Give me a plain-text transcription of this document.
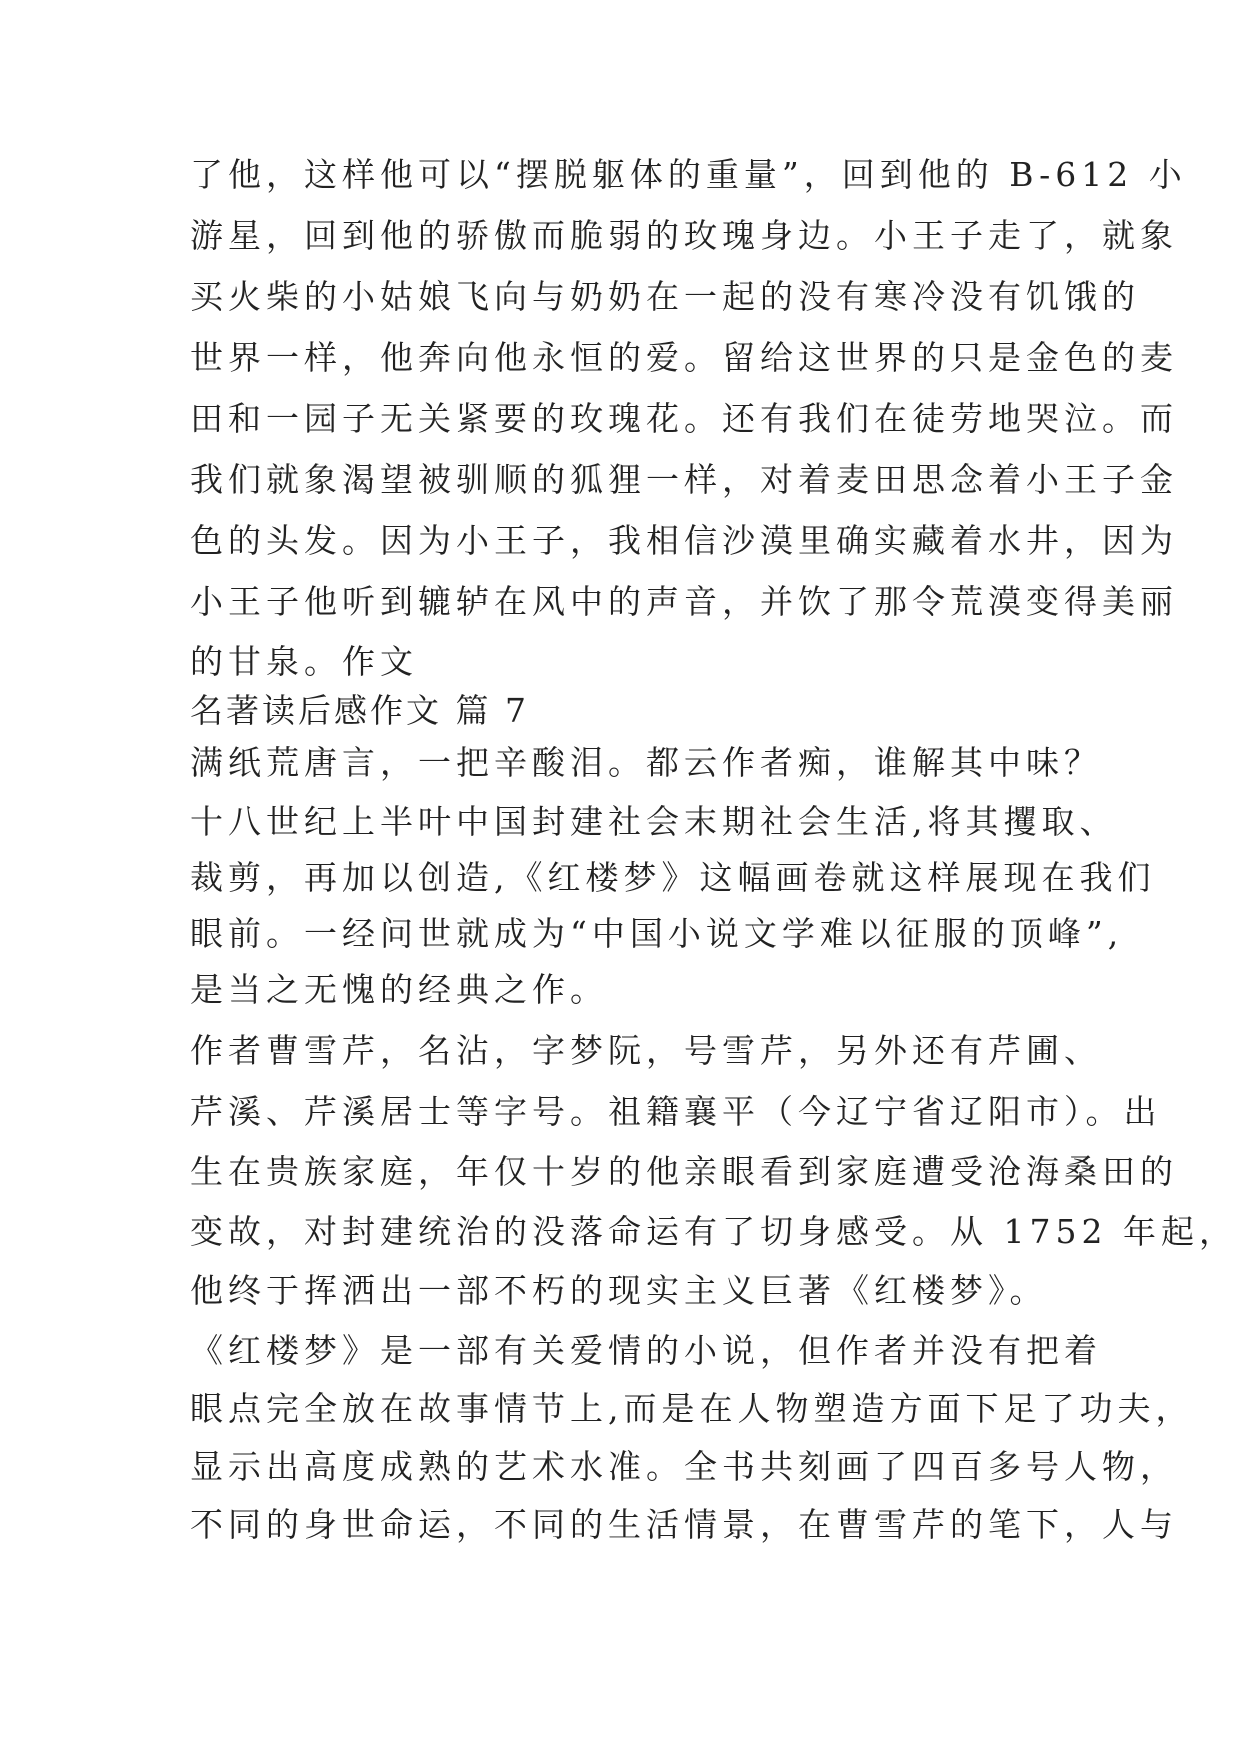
了他，这样他可以“摆脱躯体的重量”，回到他的 B-612 小
游星，回到他的骄傲而脆弱的玫瑰身边。小王子走了，就象
买火柴的小姑娘飞向与奶奶在一起的没有寒冷没有饥饿的
世界一样，他奔向他永恒的爱。留给这世界的只是金色的麦
田和一园子无关紧要的玫瑰花。还有我们在徒劳地哭泣。而
我们就象渴望被驯顺的狐狸一样，对着麦田思念着小王子金
色的头发。因为小王子，我相信沙漠里确实藏着水井，因为
小王子他听到辘轳在风中的声音，并饮了那令荒漠变得美丽
的甘泉。作文
名著读后感作文 篇 7
满纸荒唐言，一把辛酸泪。都云作者痴，谁解其中味？
十八世纪上半叶中国封建社会末期社会生活,将其攫取、
裁剪，再加以创造,《红楼梦》这幅画卷就这样展现在我们
眼前。一经问世就成为“中国小说文学难以征服的顶峰”,
是当之无愧的经典之作。
作者曹雪芹，名沾，字梦阮，号雪芹，另外还有芹圃、
芹溪、芹溪居士等字号。祖籍襄平（今辽宁省辽阳市）。出
生在贵族家庭，年仅十岁的他亲眼看到家庭遭受沧海桑田的
变故，对封建统治的没落命运有了切身感受。从 1752 年起，
他终于挥洒出一部不朽的现实主义巨著《红楼梦》。
《红楼梦》是一部有关爱情的小说，但作者并没有把着
眼点完全放在故事情节上,而是在人物塑造方面下足了功夫，
显示出高度成熟的艺术水准。全书共刻画了四百多号人物，
不同的身世命运，不同的生活情景，在曹雪芹的笔下，人与
